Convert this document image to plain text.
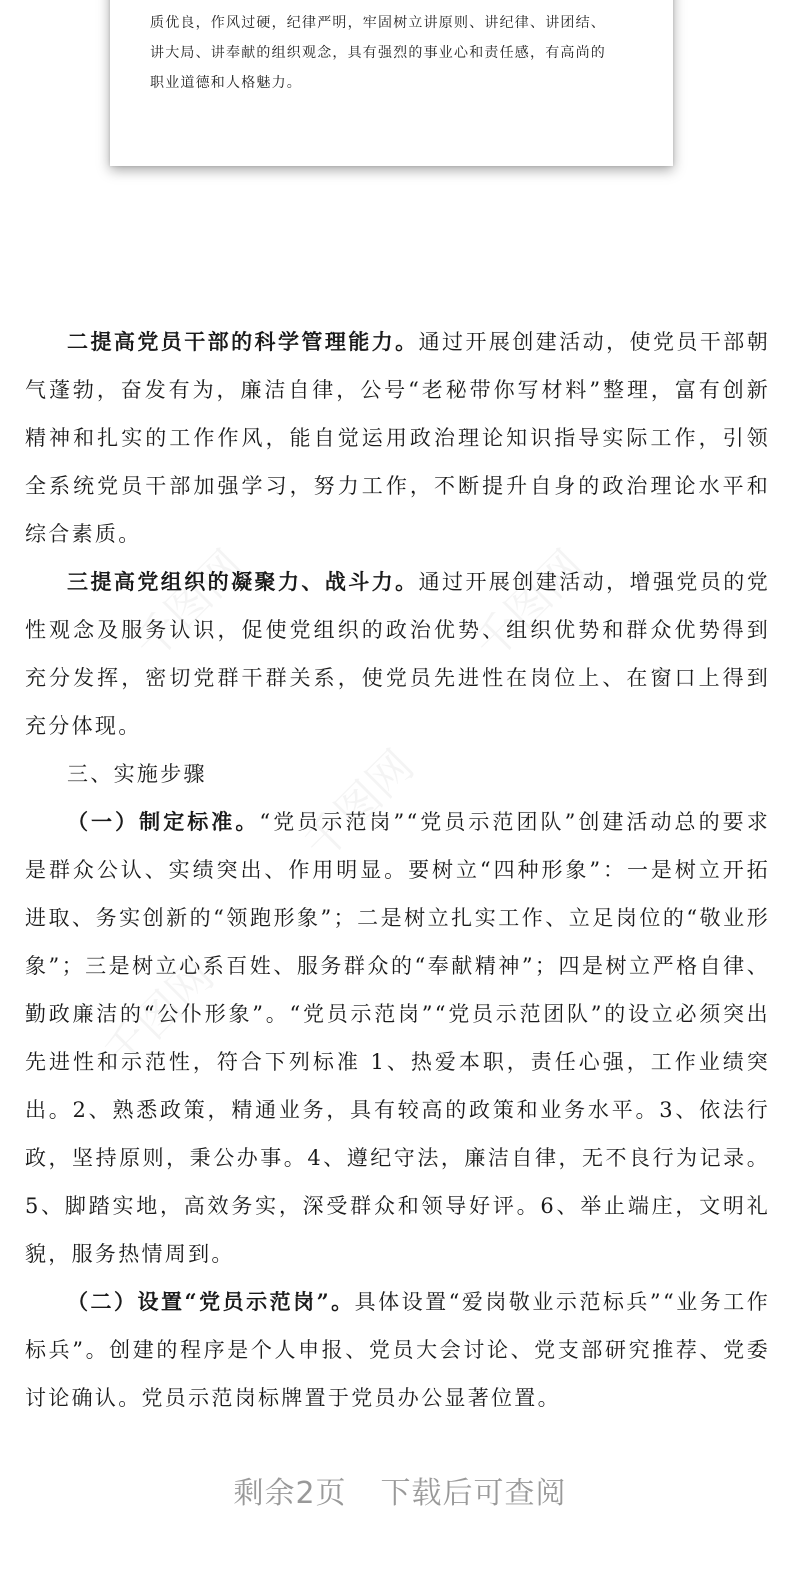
质优良，作风过硬，纪律严明，牢固树立讲原则、讲纪律、讲团结、

讲大局、讲奉献的组织观念，具有强烈的事业心和责任感，有高尚的

职业道德和人格魅力。

二提高党员干部的科学管理能力。通过开展创建活动，使党员干部朝气蓬勃，奋发有为，廉洁自律，公号“老秘带你写材料”整理，富有创新精神和扎实的工作作风，能自觉运用政治理论知识指导实际工作，引领全系统党员干部加强学习，努力工作，不断提升自身的政治理论水平和综合素质。

三提高党组织的凝聚力、战斗力。通过开展创建活动，增强党员的党性观念及服务认识，促使党组织的政治优势、组织优势和群众优势得到充分发挥，密切党群干群关系，使党员先进性在岗位上、在窗口上得到充分体现。

三、实施步骤

（一）制定标准。“党员示范岗”“党员示范团队”创建活动总的要求是群众公认、实绩突出、作用明显。要树立“四种形象”：一是树立开拓进取、务实创新的“领跑形象”；二是树立扎实工作、立足岗位的“敬业形象”；三是树立心系百姓、服务群众的“奉献精神”；四是树立严格自律、勤政廉洁的“公仆形象”。“党员示范岗”“党员示范团队”的设立必须突出先进性和示范性，符合下列标准 1、热爱本职，责任心强，工作业绩突出。2、熟悉政策，精通业务，具有较高的政策和业务水平。3、依法行政，坚持原则，秉公办事。4、遵纪守法，廉洁自律，无不良行为记录。5、脚踏实地，高效务实，深受群众和领导好评。6、举止端庄，文明礼貌，服务热情周到。

（二）设置“党员示范岗”。具体设置“爱岗敬业示范标兵”“业务工作标兵”。创建的程序是个人申报、党员大会讨论、党支部研究推荐、党委讨论确认。党员示范岗标牌置于党员办公显著位置。

剩余2页 下载后可查阅
